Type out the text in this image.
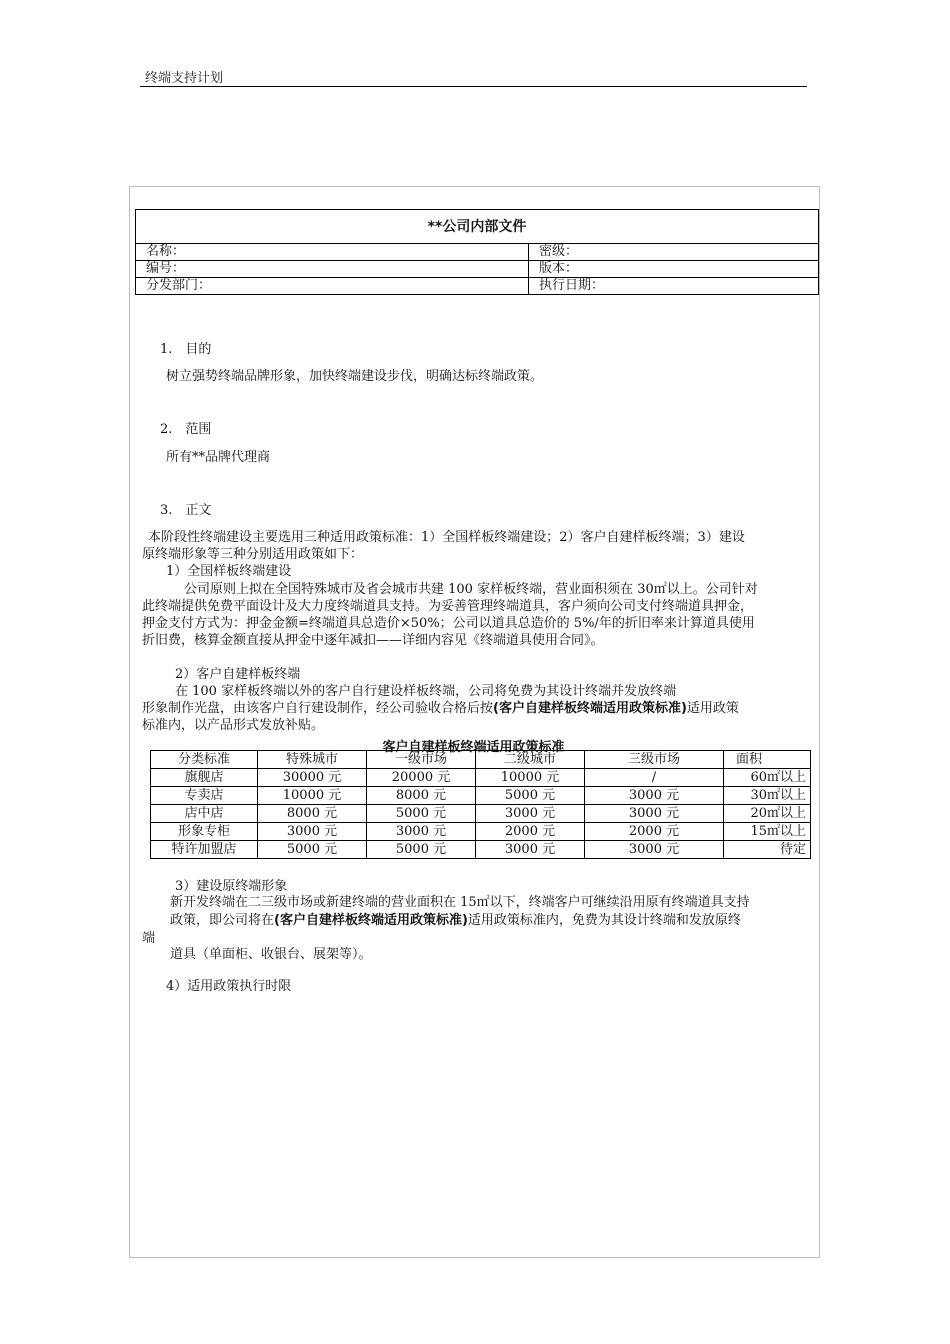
终端支持计划
**公司内部文件	
名称：	密级：
编号：	版本：
分发部门：	执行日期：
1.　目的
树立强势终端品牌形象，加快终端建设步伐，明确达标终端政策。
2.　范围
所有**品牌代理商
3.　正文
本阶段性终端建设主要选用三种适用政策标准：1）全国样板终端建设；2）客户自建样板终端；3）建设
原终端形象等三种分别适用政策如下：
1）全国样板终端建设
公司原则上拟在全国特殊城市及省会城市共建 100 家样板终端，营业面积须在 30㎡以上。公司针对
此终端提供免费平面设计及大力度终端道具支持。为妥善管理终端道具，客户须向公司支付终端道具押金，
押金支付方式为：押金金额=终端道具总造价×50%；公司以道具总造价的 5%/年的折旧率来计算道具使用
折旧费，核算金额直接从押金中逐年减扣——详细内容见《终端道具使用合同》。
2）客户自建样板终端
在 100 家样板终端以外的客户自行建设样板终端，公司将免费为其设计终端并发放终端
形象制作光盘，由该客户自行建设制作，经公司验收合格后按(客户自建样板终端适用政策标准)适用政策
标准内，以产品形式发放补贴。
客户自建样板终端适用政策标准
分类标准	特殊城市	一级市场	二级城市	三级市场	面积
旗舰店	30000 元	20000 元	10000 元	/	60㎡以上
专卖店	10000 元	8000 元	5000 元	3000 元	30㎡以上
店中店	8000 元	5000 元	3000 元	3000 元	20㎡以上
形象专柜	3000 元	3000 元	2000 元	2000 元	15㎡以上
特许加盟店	5000 元	5000 元	3000 元	3000 元	待定
3）建设原终端形象
新开发终端在二三级市场或新建终端的营业面积在 15㎡以下，终端客户可继续沿用原有终端道具支持
政策，即公司将在(客户自建样板终端适用政策标准)适用政策标准内，免费为其设计终端和发放原终
端
道具（单面柜、收银台、展架等）。
4）适用政策执行时限
